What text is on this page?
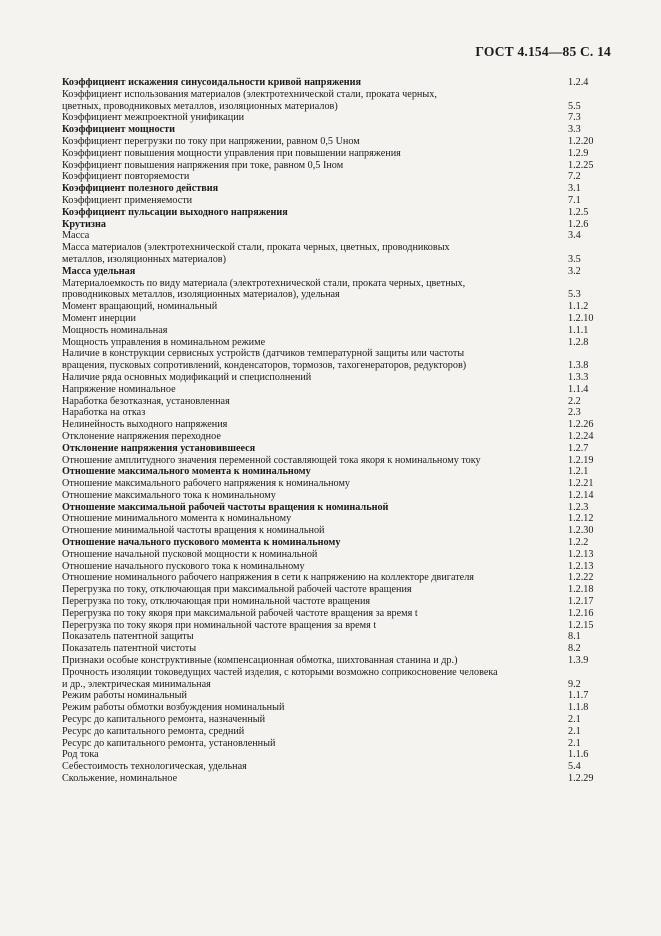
ГОСТ 4.154—85 С. 14
Коэффициент искажения синусоидальности кривой напряжения	1.2.4
Коэффициент использования материалов (электротехнической стали, проката черных,
цветных, проводниковых металлов, изоляционных материалов)	5.5
Коэффициент межпроектной унификации	7.3
Коэффициент мощности	3.3
Коэффициент перегрузки по току при напряжении, равном 0,5 Uном	1.2.20
Коэффициент повышения мощности управления при повышении напряжения	1.2.9
Коэффициент повышения напряжения при токе, равном 0,5 Iном	1.2.25
Коэффициент повторяемости	7.2
Коэффициент полезного действия	3.1
Коэффициент применяемости	7.1
Коэффициент пульсации выходного напряжения	1.2.5
Крутизна	1.2.6
Масса	3.4
Масса материалов (электротехнической стали, проката черных, цветных, проводниковых
металлов, изоляционных материалов)	3.5
Масса удельная	3.2
Материалоемкость по виду материала (электротехнической стали, проката черных, цветных,
проводниковых металлов, изоляционных материалов), удельная	5.3
Момент вращающий, номинальный	1.1.2
Момент инерции	1.2.10
Мощность номинальная	1.1.1
Мощность управления в номинальном режиме	1.2.8
Наличие в конструкции сервисных устройств (датчиков температурной защиты или частоты
вращения, пусковых сопротивлений, конденсаторов, тормозов, тахогенераторов, редукторов)	1.3.8
Наличие ряда основных модификаций и специсполнений	1.3.3
Напряжение номинальное	1.1.4
Наработка безотказная, установленная	2.2
Наработка на отказ	2.3
Нелинейность выходного напряжения	1.2.26
Отклонение напряжения переходное	1.2.24
Отклонение напряжения установившееся	1.2.7
Отношение амплитудного значения переменной составляющей тока якоря к номинальному току	1.2.19
Отношение максимального момента к номинальному	1.2.1
Отношение максимального рабочего напряжения к номинальному	1.2.21
Отношение максимального тока к номинальному	1.2.14
Отношение максимальной рабочей частоты вращения к номинальной	1.2.3
Отношение минимального момента к номинальному	1.2.12
Отношение минимальной частоты вращения к номинальной	1.2.30
Отношение начального пускового момента к номинальному	1.2.2
Отношение начальной пусковой мощности к номинальной	1.2.13
Отношение начального пускового тока к номинальному	1.2.13
Отношение номинального рабочего напряжения в сети к напряжению на коллекторе двигателя	1.2.22
Перегрузка по току, отключающая при максимальной рабочей частоте вращения	1.2.18
Перегрузка по току, отключающая при номинальной частоте вращения	1.2.17
Перегрузка по току якоря при максимальной рабочей частоте вращения за время t	1.2.16
Перегрузка по току якоря при номинальной частоте вращения за время t	1.2.15
Показатель патентной защиты	8.1
Показатель патентной чистоты	8.2
Признаки особые конструктивные (компенсационная обмотка, шихтованная станина и др.)	1.3.9
Прочность изоляции токоведущих частей изделия, с которыми возможно соприкосновение человека
и др., электрическая минимальная	9.2
Режим работы номинальный	1.1.7
Режим работы обмотки возбуждения номинальный	1.1.8
Ресурс до капитального ремонта, назначенный	2.1
Ресурс до капитального ремонта, средний	2.1
Ресурс до капитального ремонта, установленный	2.1
Род тока	1.1.6
Себестоимость технологическая, удельная	5.4
Скольжение, номинальное	1.2.29
